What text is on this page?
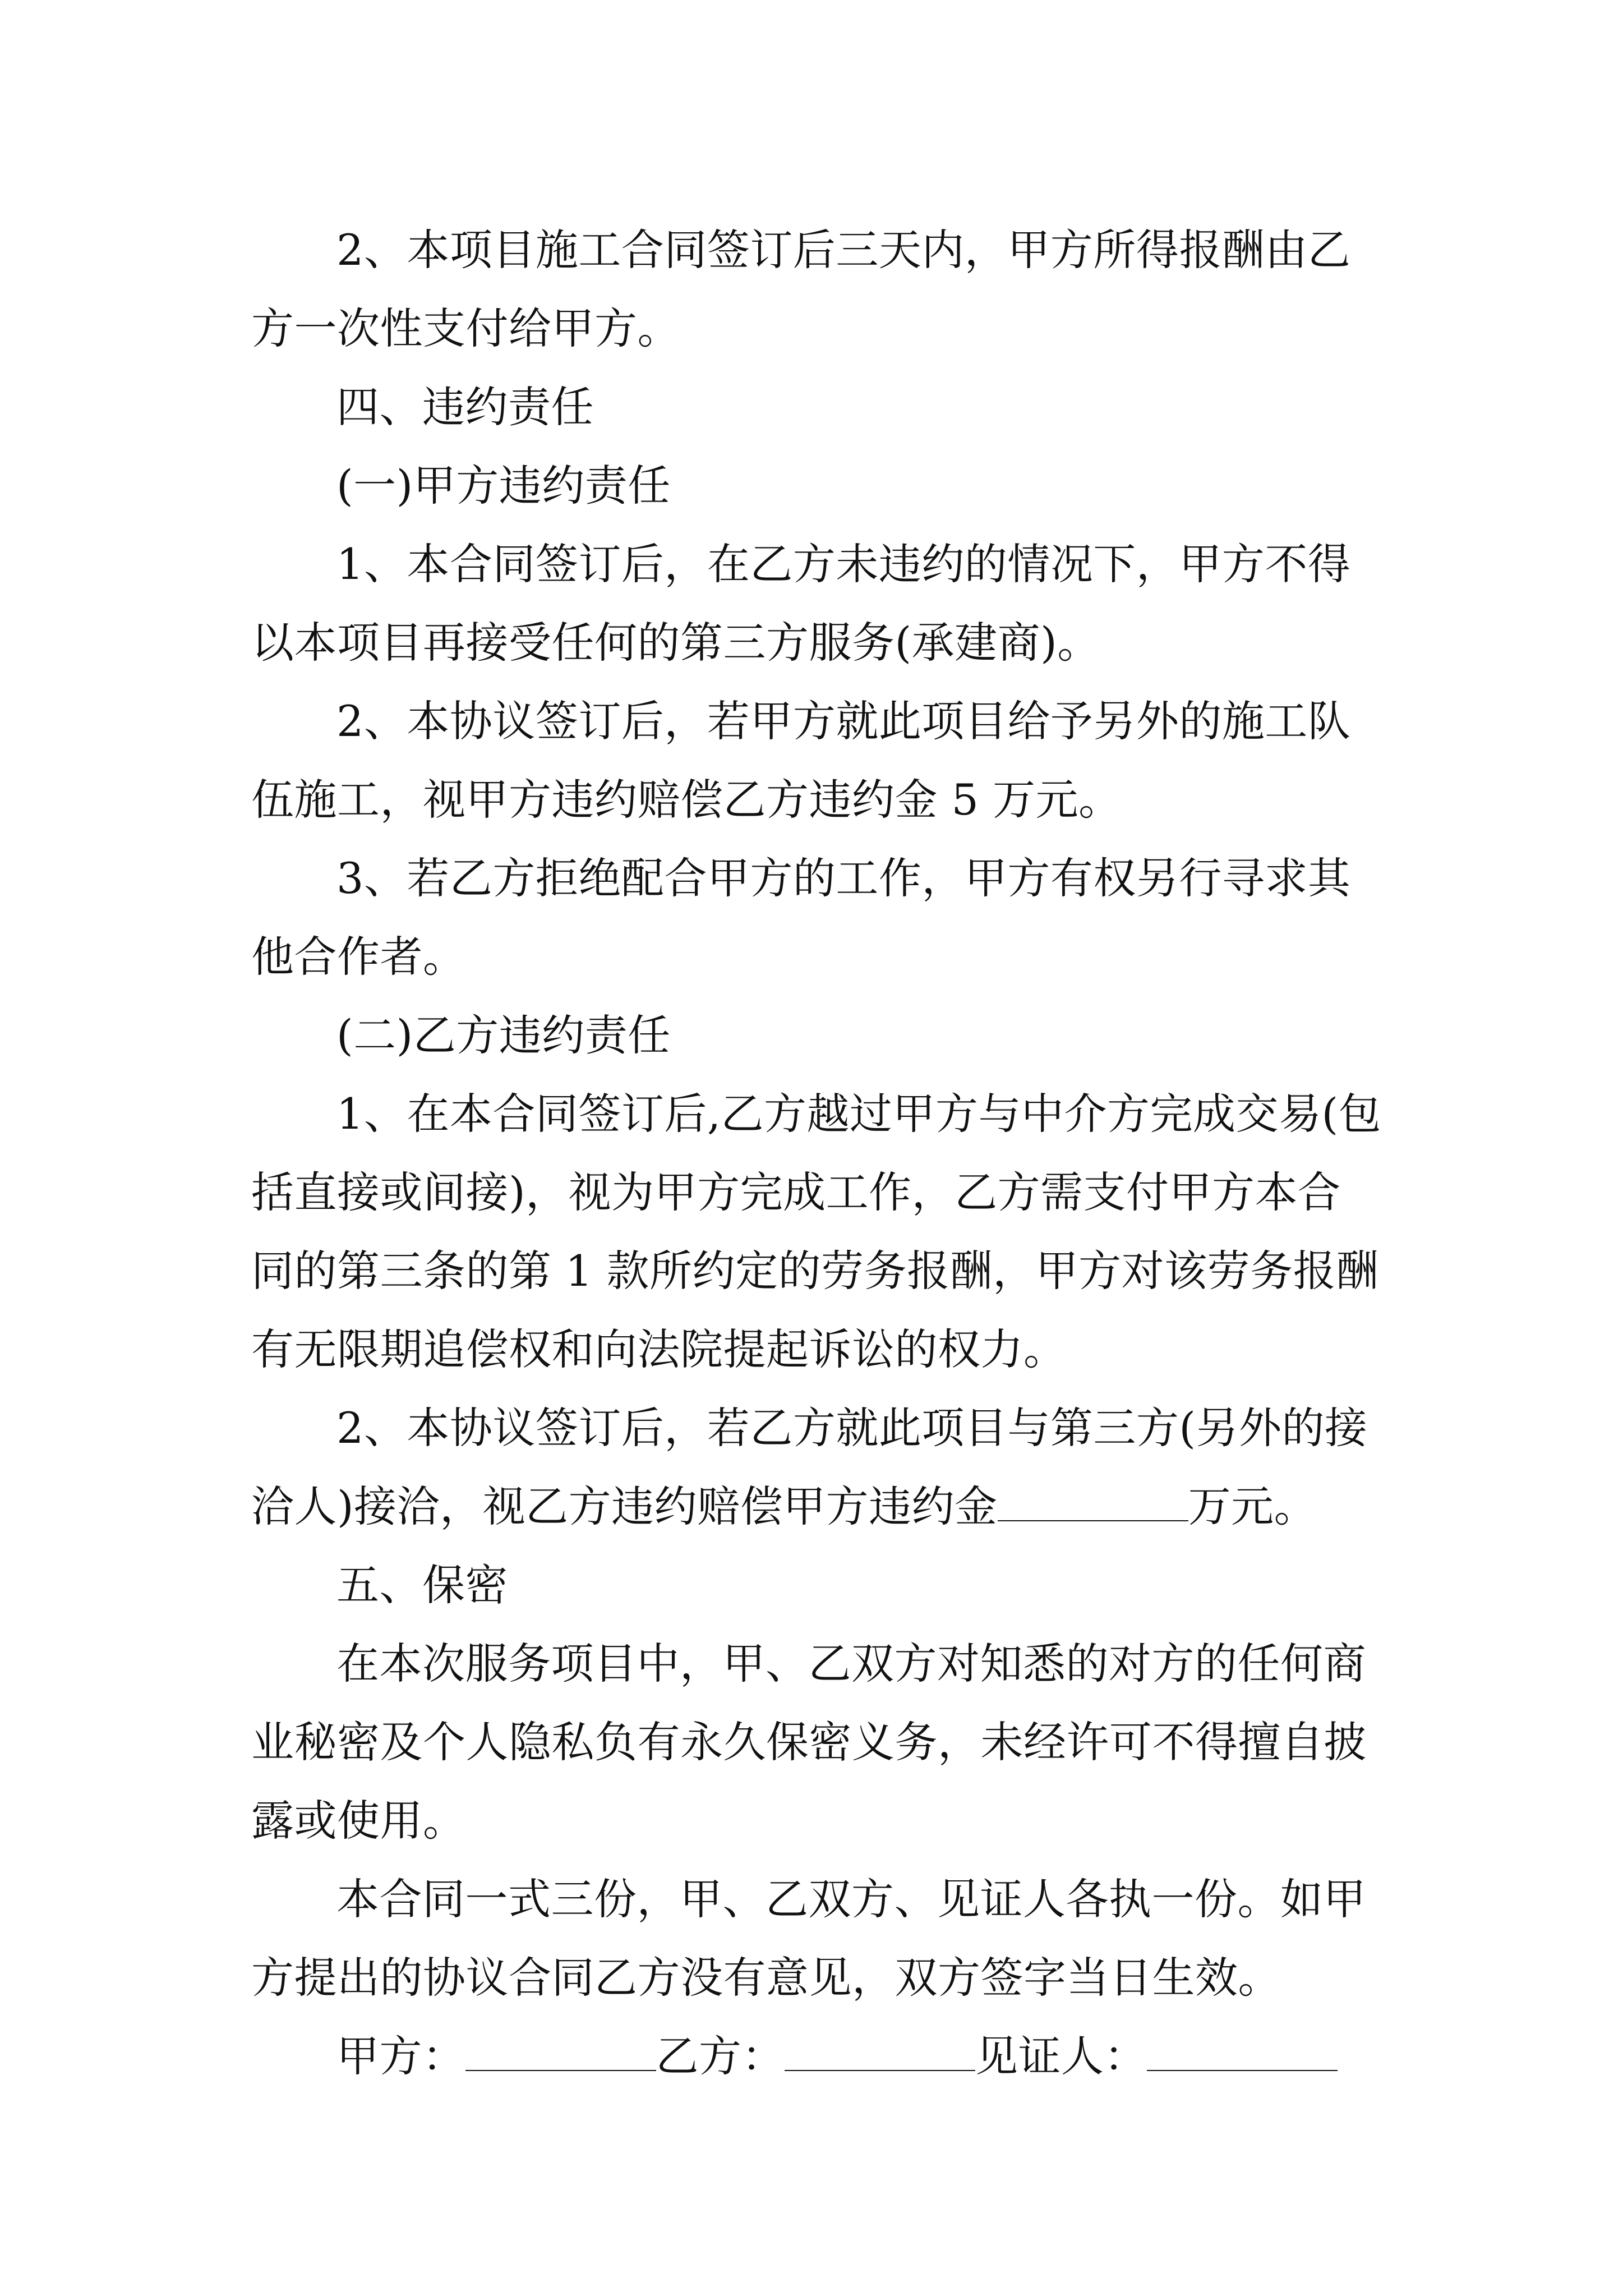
2、本项目施工合同签订后三天内，甲方所得报酬由乙
方一次性支付给甲方。
四、违约责任
(一)甲方违约责任
1、本合同签订后，在乙方未违约的情况下，甲方不得
以本项目再接受任何的第三方服务(承建商)。
2、本协议签订后，若甲方就此项目给予另外的施工队
伍施工，视甲方违约赔偿乙方违约金 5 万元。
3、若乙方拒绝配合甲方的工作，甲方有权另行寻求其
他合作者。
(二)乙方违约责任
1、在本合同签订后,乙方越过甲方与中介方完成交易(包
括直接或间接)，视为甲方完成工作，乙方需支付甲方本合
同的第三条的第 1 款所约定的劳务报酬，甲方对该劳务报酬
有无限期追偿权和向法院提起诉讼的权力。
2、本协议签订后，若乙方就此项目与第三方(另外的接
洽人)接洽，视乙方违约赔偿甲方违约金	万元。
五、保密
在本次服务项目中，甲、乙双方对知悉的对方的任何商
业秘密及个人隐私负有永久保密义务，未经许可不得擅自披
露或使用。
本合同一式三份，甲、乙双方、见证人各执一份。如甲
方提出的协议合同乙方没有意见，双方签字当日生效。
甲方：	乙方：	见证人：
